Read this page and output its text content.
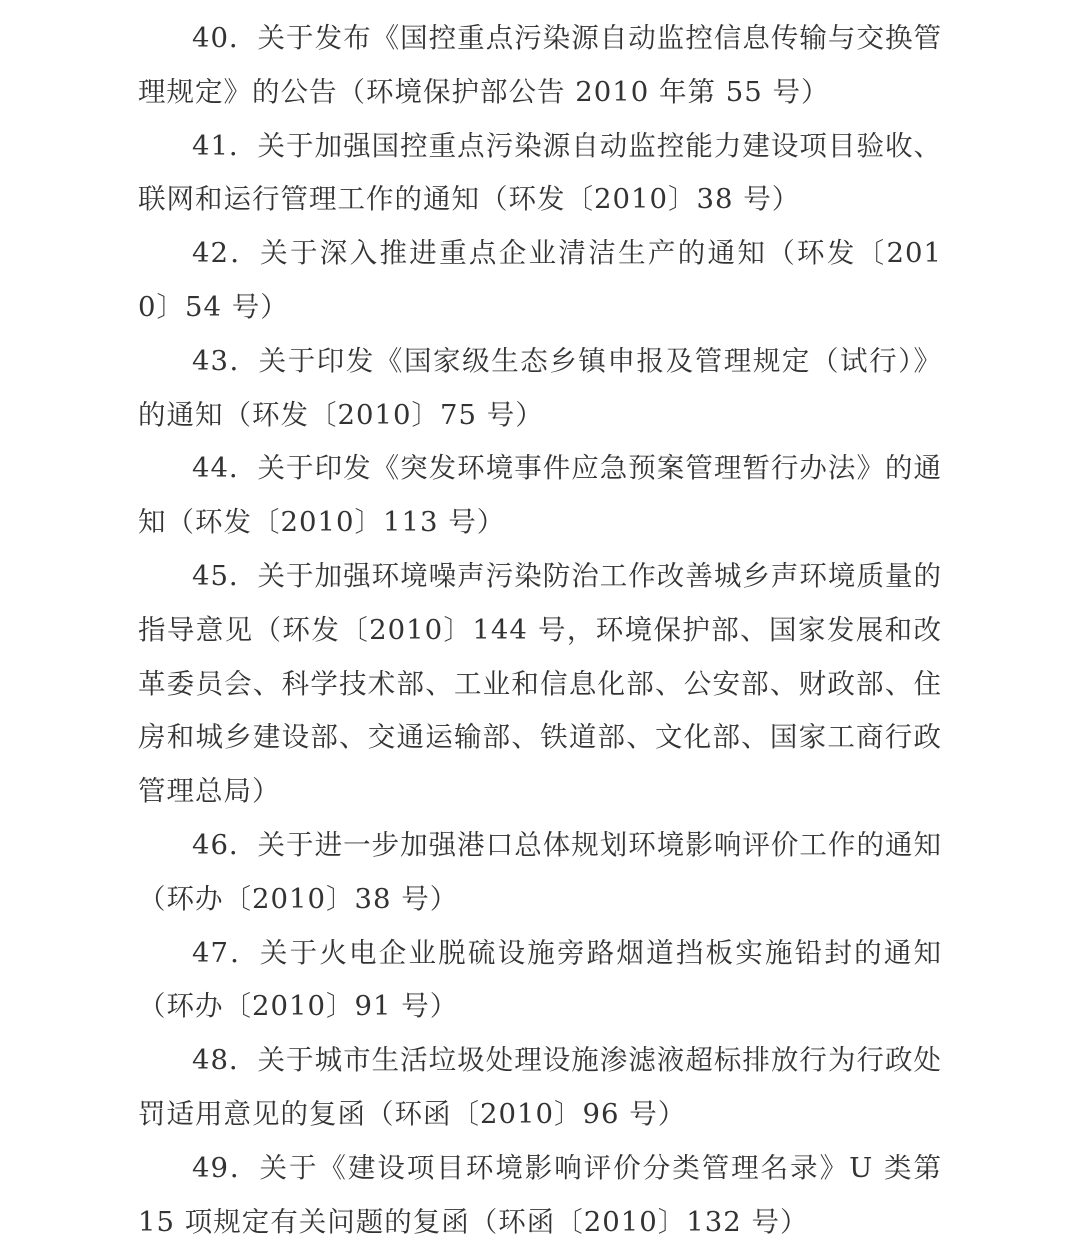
40．关于发布《国控重点污染源自动监控信息传输与交换管理规定》的公告（环境保护部公告 2010 年第 55 号）

41．关于加强国控重点污染源自动监控能力建设项目验收、联网和运行管理工作的通知（环发〔2010〕38 号）

42．关于深入推进重点企业清洁生产的通知（环发〔2010〕54 号）

43．关于印发《国家级生态乡镇申报及管理规定（试行）》的通知（环发〔2010〕75 号）

44．关于印发《突发环境事件应急预案管理暂行办法》的通知（环发〔2010〕113 号）

45．关于加强环境噪声污染防治工作改善城乡声环境质量的指导意见（环发〔2010〕144 号，环境保护部、国家发展和改革委员会、科学技术部、工业和信息化部、公安部、财政部、住房和城乡建设部、交通运输部、铁道部、文化部、国家工商行政管理总局）

46．关于进一步加强港口总体规划环境影响评价工作的通知（环办〔2010〕38 号）

47．关于火电企业脱硫设施旁路烟道挡板实施铅封的通知（环办〔2010〕91 号）

48．关于城市生活垃圾处理设施渗滤液超标排放行为行政处罚适用意见的复函（环函〔2010〕96 号）

49．关于《建设项目环境影响评价分类管理名录》U 类第 15 项规定有关问题的复函（环函〔2010〕132 号）
